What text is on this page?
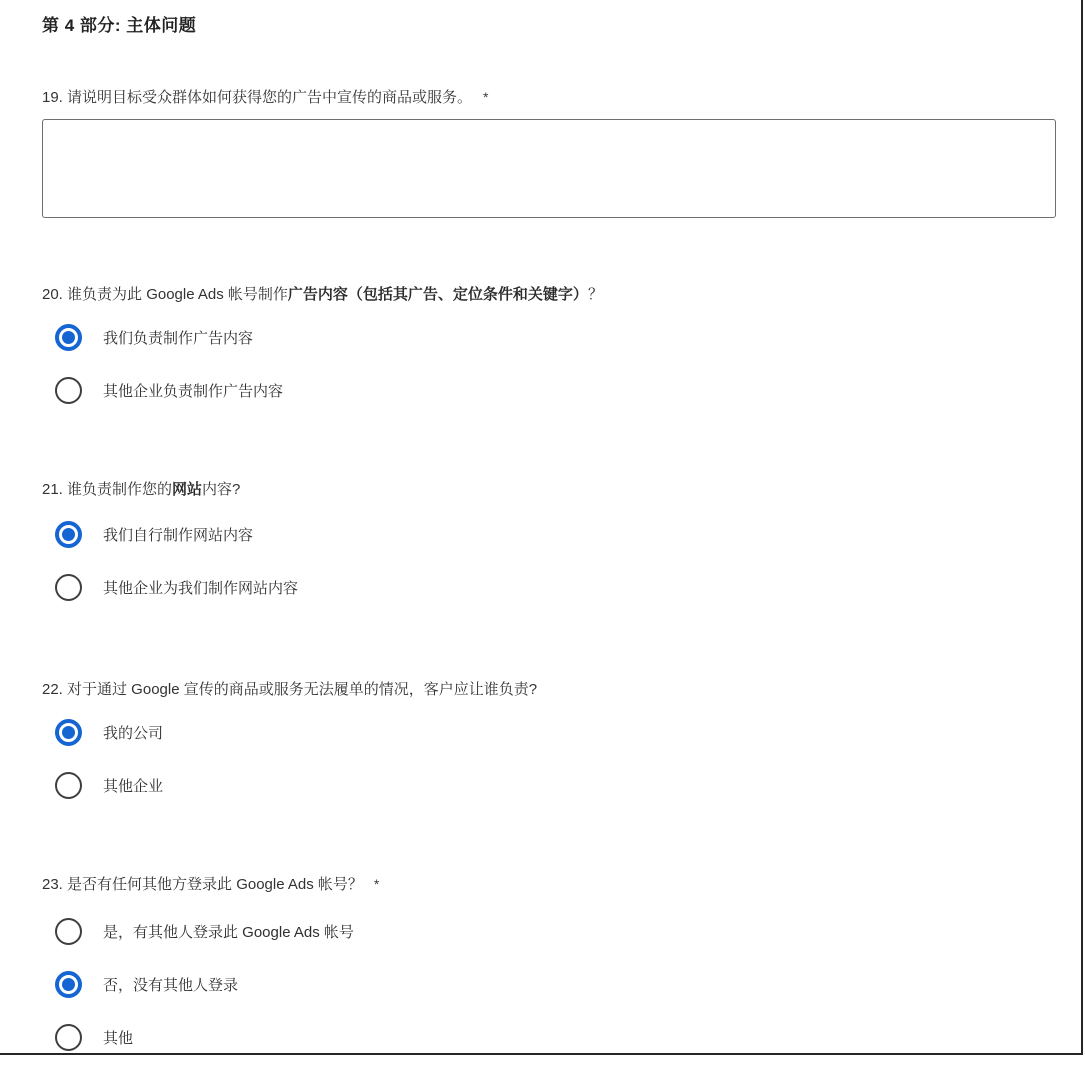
第 4 部分: 主体问题
19. 请说明目标受众群体如何获得您的广告中宣传的商品或服务。 *
20. 谁负责为此 Google Ads 帐号制作广告内容（包括其广告、定位条件和关键字）？
我们负责制作广告内容
其他企业负责制作广告内容
21. 谁负责制作您的网站内容?
我们自行制作网站内容
其他企业为我们制作网站内容
22. 对于通过 Google 宣传的商品或服务无法履单的情况，客户应让谁负责?
我的公司
其他企业
23. 是否有任何其他方登录此 Google Ads 帐号？ *
是，有其他人登录此 Google Ads 帐号
否，没有其他人登录
其他
